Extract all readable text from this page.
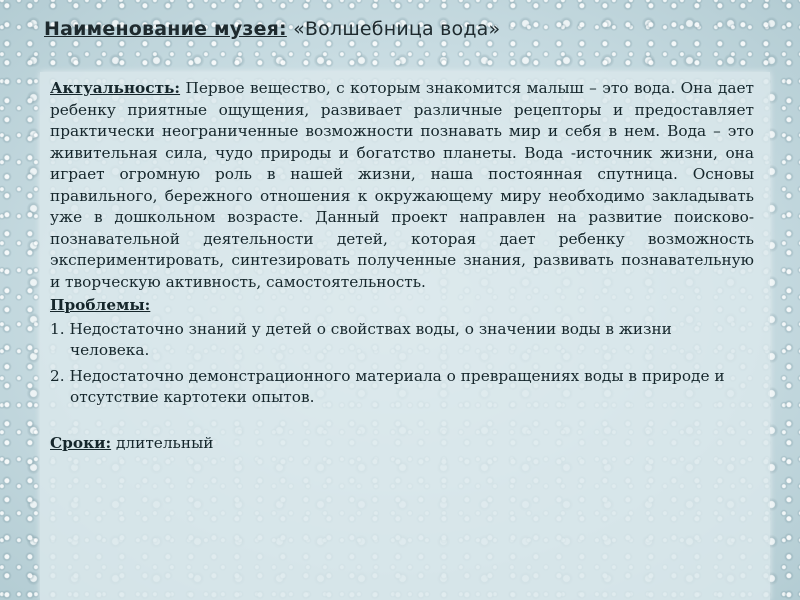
Наименование музея: «Волшебница вода»

Актуальность: Первое вещество, с которым знакомится малыш – это вода. Она дает ребенку приятные ощущения, развивает различные рецепторы и предоставляет практически неограниченные возможности познавать мир и себя в нем. Вода – это живительная сила, чудо природы и богатство планеты. Вода -источник жизни, она играет огромную роль в нашей жизни, наша постоянная спутница. Основы правильного, бережного отношения к окружающему миру необходимо закладывать уже в дошкольном возрасте. Данный проект направлен на развитие поисково-познавательной деятельности детей, которая дает ребенку возможность экспериментировать, синтезировать полученные знания, развивать познавательную и творческую активность, самостоятельность.

Проблемы:
1. Недостаточно знаний у детей о свойствах воды, о значении воды в жизни человека.
2. Недостаточно демонстрационного материала о превращениях воды в природе и отсутствие картотеки опытов.
Сроки: длительный
